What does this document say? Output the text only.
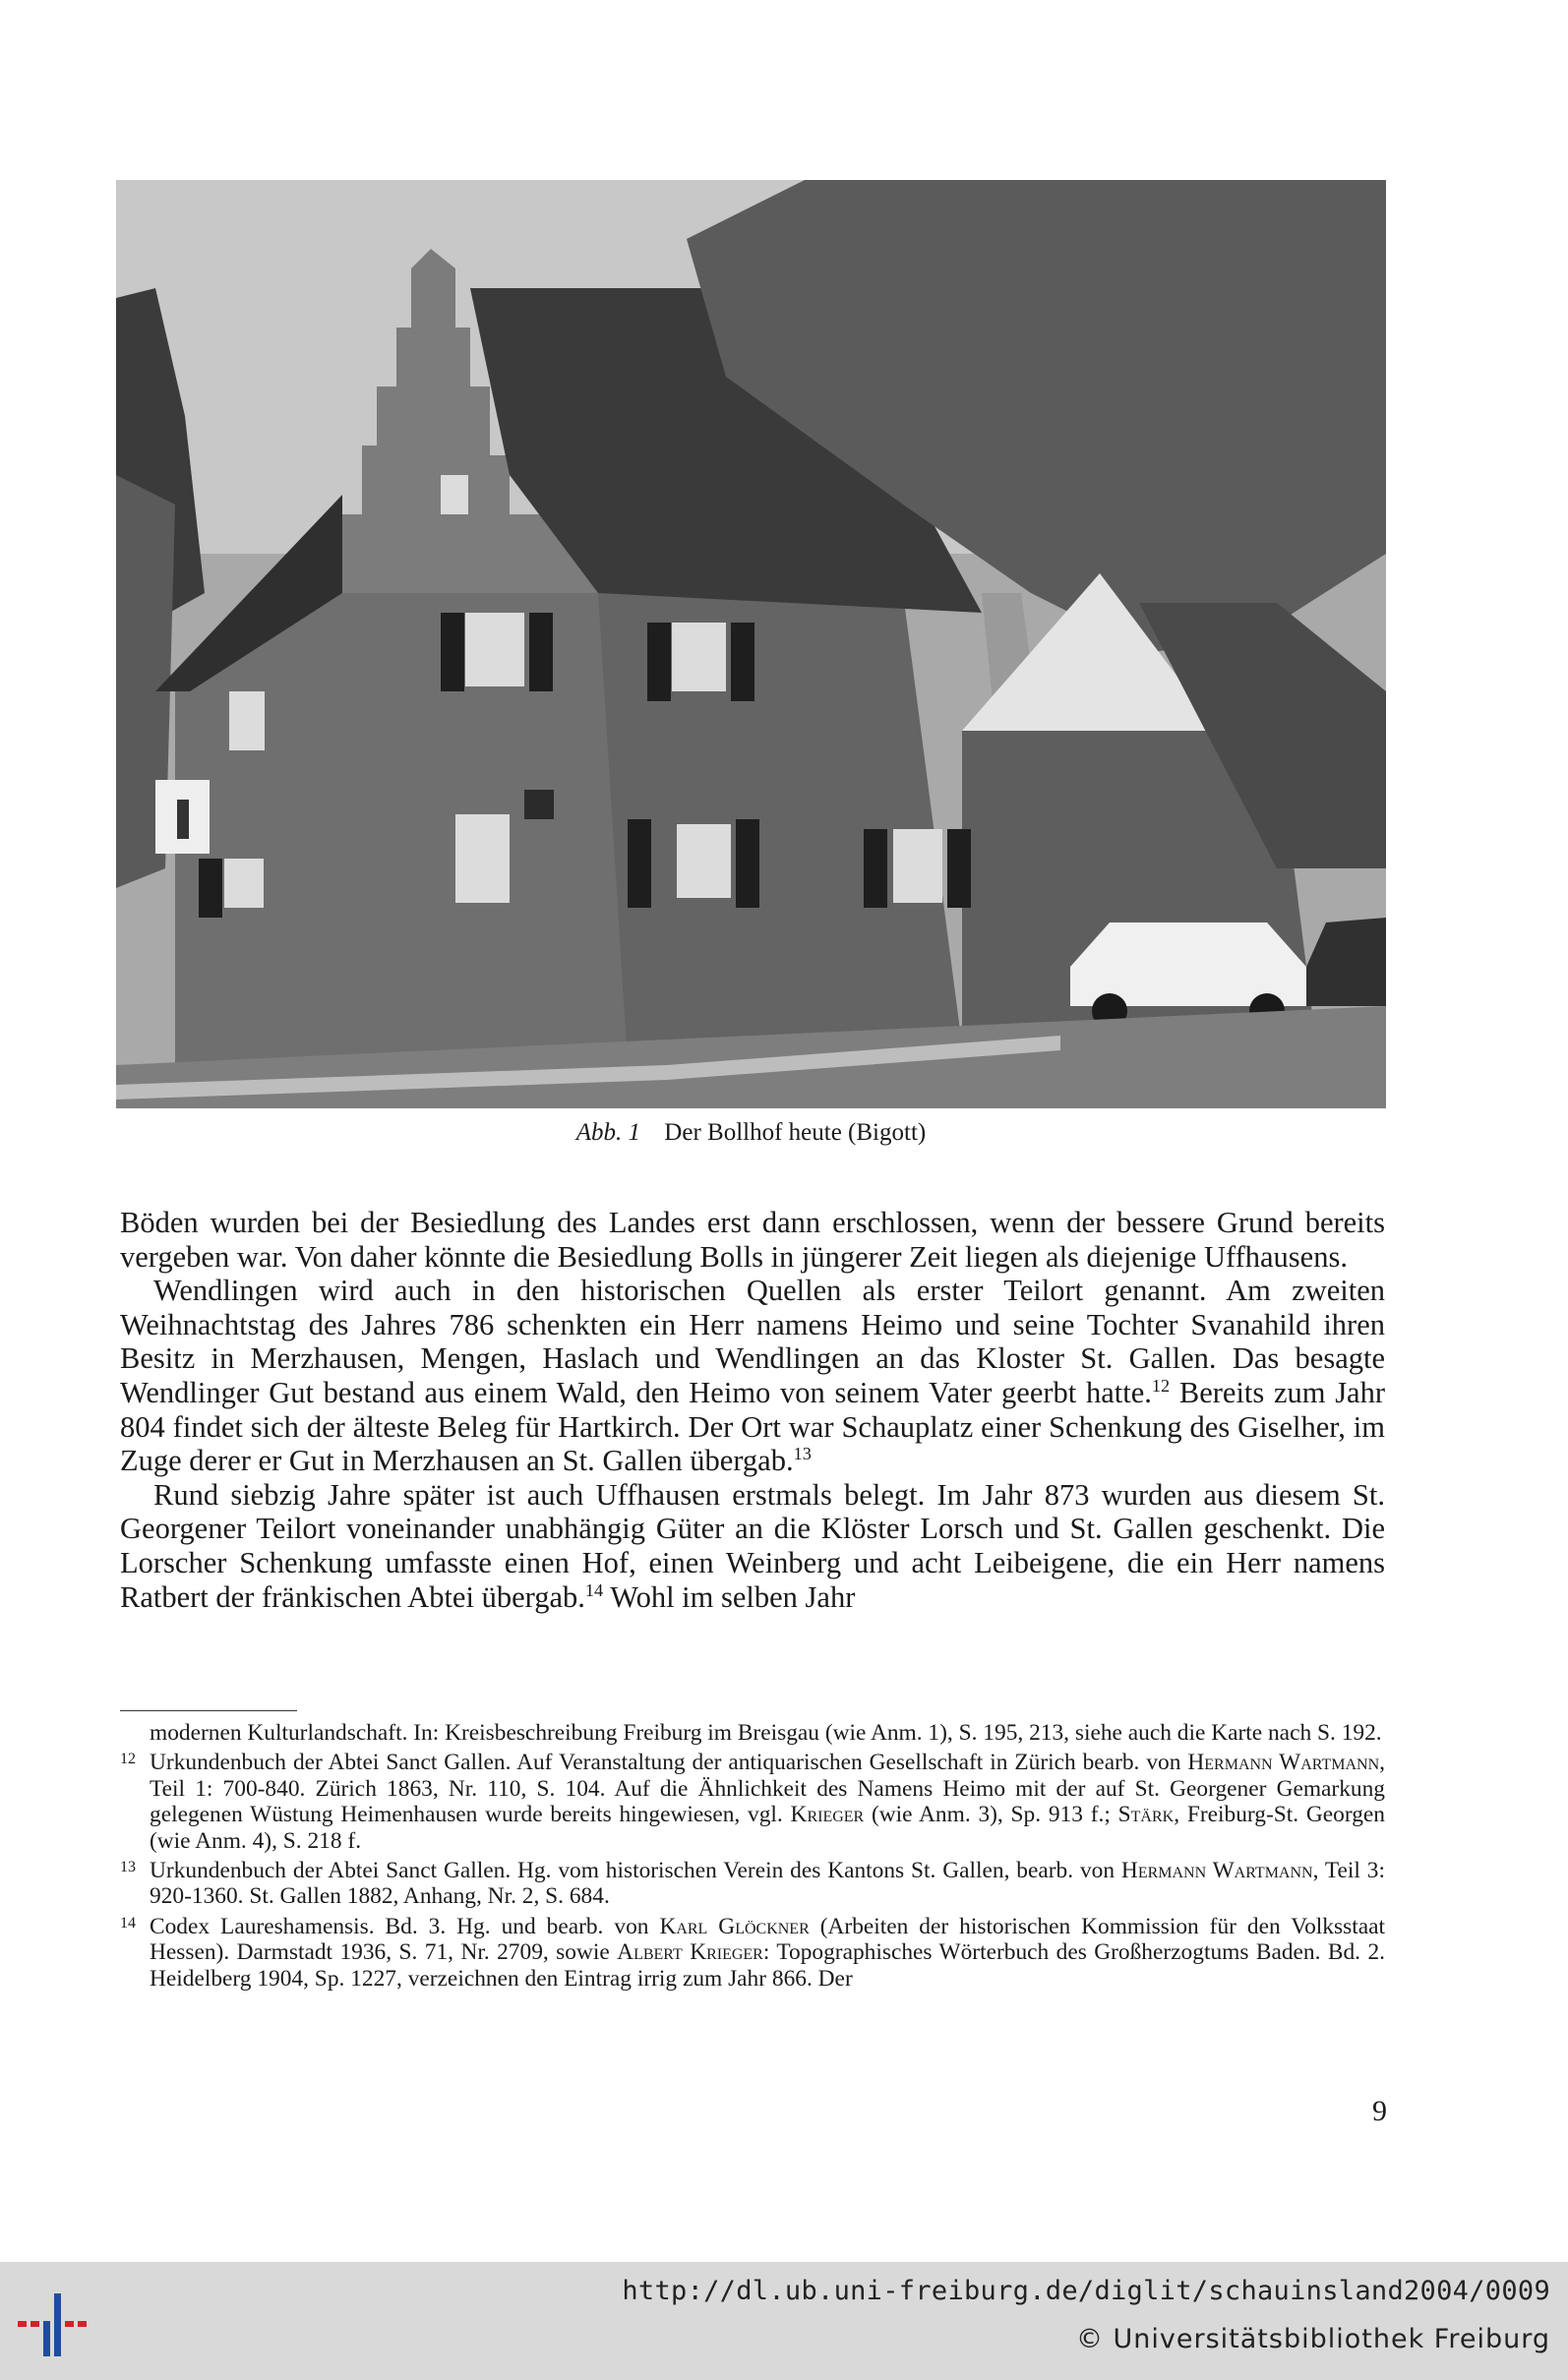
Abb. 1 Der Bollhof heute (Bigott)

Böden wurden bei der Besiedlung des Landes erst dann erschlossen, wenn der bessere Grund bereits vergeben war. Von daher könnte die Besiedlung Bolls in jüngerer Zeit liegen als diejenige Uffhausens.

Wendlingen wird auch in den historischen Quellen als erster Teilort genannt. Am zweiten Weihnachtstag des Jahres 786 schenkten ein Herr namens Heimo und seine Tochter Svanahild ihren Besitz in Merzhausen, Mengen, Haslach und Wendlingen an das Kloster St. Gallen. Das besagte Wendlinger Gut bestand aus einem Wald, den Heimo von seinem Vater geerbt hatte.$^{12}$ Bereits zum Jahr 804 findet sich der älteste Beleg für Hartkirch. Der Ort war Schauplatz einer Schenkung des Giselher, im Zuge derer er Gut in Merzhausen an St. Gallen übergab.$^{13}$

Rund siebzig Jahre später ist auch Uffhausen erstmals belegt. Im Jahr 873 wurden aus diesem St. Georgener Teilort voneinander unabhängig Güter an die Klöster Lorsch und St. Gallen geschenkt. Die Lorscher Schenkung umfasste einen Hof, einen Weinberg und acht Leibeigene, die ein Herr namens Ratbert der fränkischen Abtei übergab.$^{14}$ Wohl im selben Jahr

modernen Kulturlandschaft. In: Kreisbeschreibung Freiburg im Breisgau (wie Anm. 1), S. 195, 213, siehe auch die Karte nach S. 192.
12 Urkundenbuch der Abtei Sanct Gallen. Auf Veranstaltung der antiquarischen Gesellschaft in Zürich bearb. von Hermann Wartmann, Teil 1: 700-840. Zürich 1863, Nr. 110, S. 104. Auf die Ähnlichkeit des Namens Heimo mit der auf St. Georgener Gemarkung gelegenen Wüstung Heimenhausen wurde bereits hingewiesen, vgl. Krieger (wie Anm. 3), Sp. 913 f.; Stärk, Freiburg-St. Georgen (wie Anm. 4), S. 218 f.
13 Urkundenbuch der Abtei Sanct Gallen. Hg. vom historischen Verein des Kantons St. Gallen, bearb. von Hermann Wartmann, Teil 3: 920-1360. St. Gallen 1882, Anhang, Nr. 2, S. 684.
14 Codex Laureshamensis. Bd. 3. Hg. und bearb. von Karl Glöckner (Arbeiten der historischen Kommission für den Volksstaat Hessen). Darmstadt 1936, S. 71, Nr. 2709, sowie Albert Krieger: Topographisches Wörterbuch des Großherzogtums Baden. Bd. 2. Heidelberg 1904, Sp. 1227, verzeichnen den Eintrag irrig zum Jahr 866. Der
9
http://dl.ub.uni-freiburg.de/diglit/schauinsland2004/0009
© Universitätsbibliothek Freiburg
